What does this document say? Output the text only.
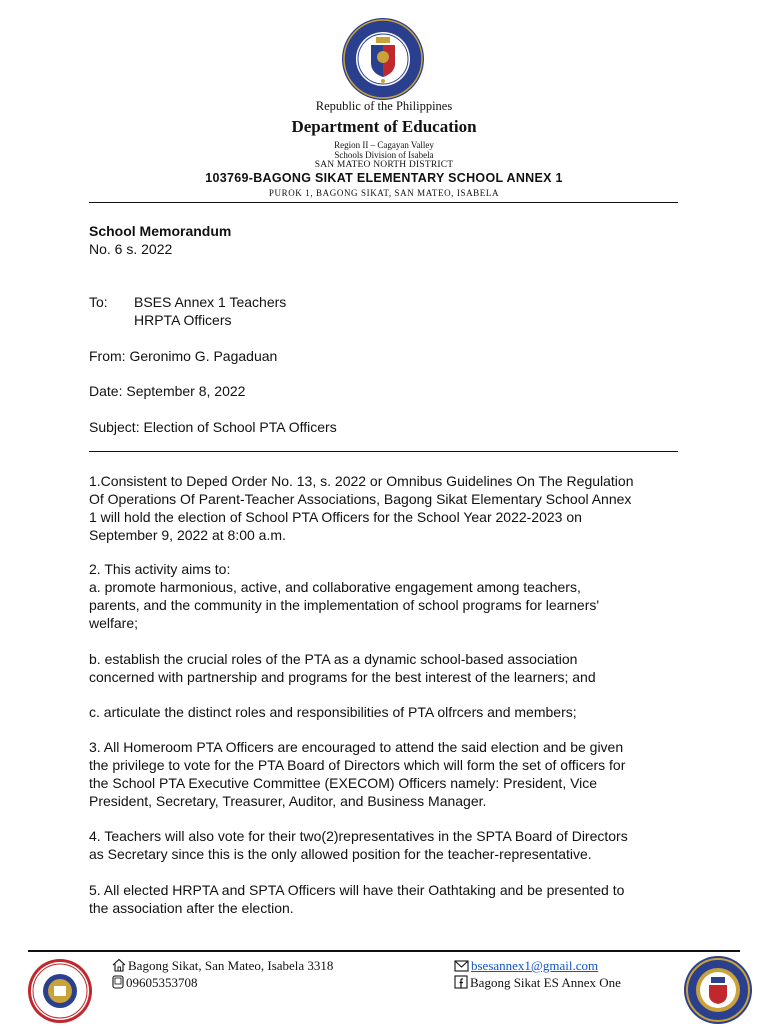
Republic of the Philippines
Department of Education
Region II – Cagayan Valley
Schools Division of Isabela
SAN MATEO NORTH DISTRICT
103769-BAGONG SIKAT ELEMENTARY SCHOOL ANNEX 1
PUROK 1, BAGONG SIKAT, SAN MATEO, ISABELA
School Memorandum
No. 6 s. 2022
To: BSES Annex 1 Teachers
HRPTA Officers
From: Geronimo G. Pagaduan
Date: September 8, 2022
Subject: Election of School PTA Officers
1.Consistent to Deped Order No. 13, s. 2022 or Omnibus Guidelines On The Regulation
Of Operations Of Parent-Teacher Associations, Bagong Sikat Elementary School Annex
1 will hold the election of School PTA Officers for the School Year 2022-2023 on
September 9, 2022 at 8:00 a.m.
2. This activity aims to:
a. promote harmonious, active, and collaborative engagement among teachers,
parents, and the community in the implementation of school programs for learners'
welfare;
b. establish the crucial roles of the PTA as a dynamic school-based association
concerned with partnership and programs for the best interest of the learners; and
c. articulate the distinct roles and responsibilities of PTA olfrcers and members;
3. All Homeroom PTA Officers are encouraged to attend the said election and be given
the privilege to vote for the PTA Board of Directors which will form the set of officers for
the School PTA Executive Committee (EXECOM) Officers namely: President, Vice
President, Secretary, Treasurer, Auditor, and Business Manager.
4. Teachers will also vote for their two(2)representatives in the SPTA Board of Directors
as Secretary since this is the only allowed position for the teacher-representative.
5. All elected HRPTA and SPTA Officers will have their Oathtaking and be presented to
the association after the election.
Bagong Sikat, San Mateo, Isabela 3318
09605353708
bsesannex1@gmail.com
Bagong Sikat ES Annex One
